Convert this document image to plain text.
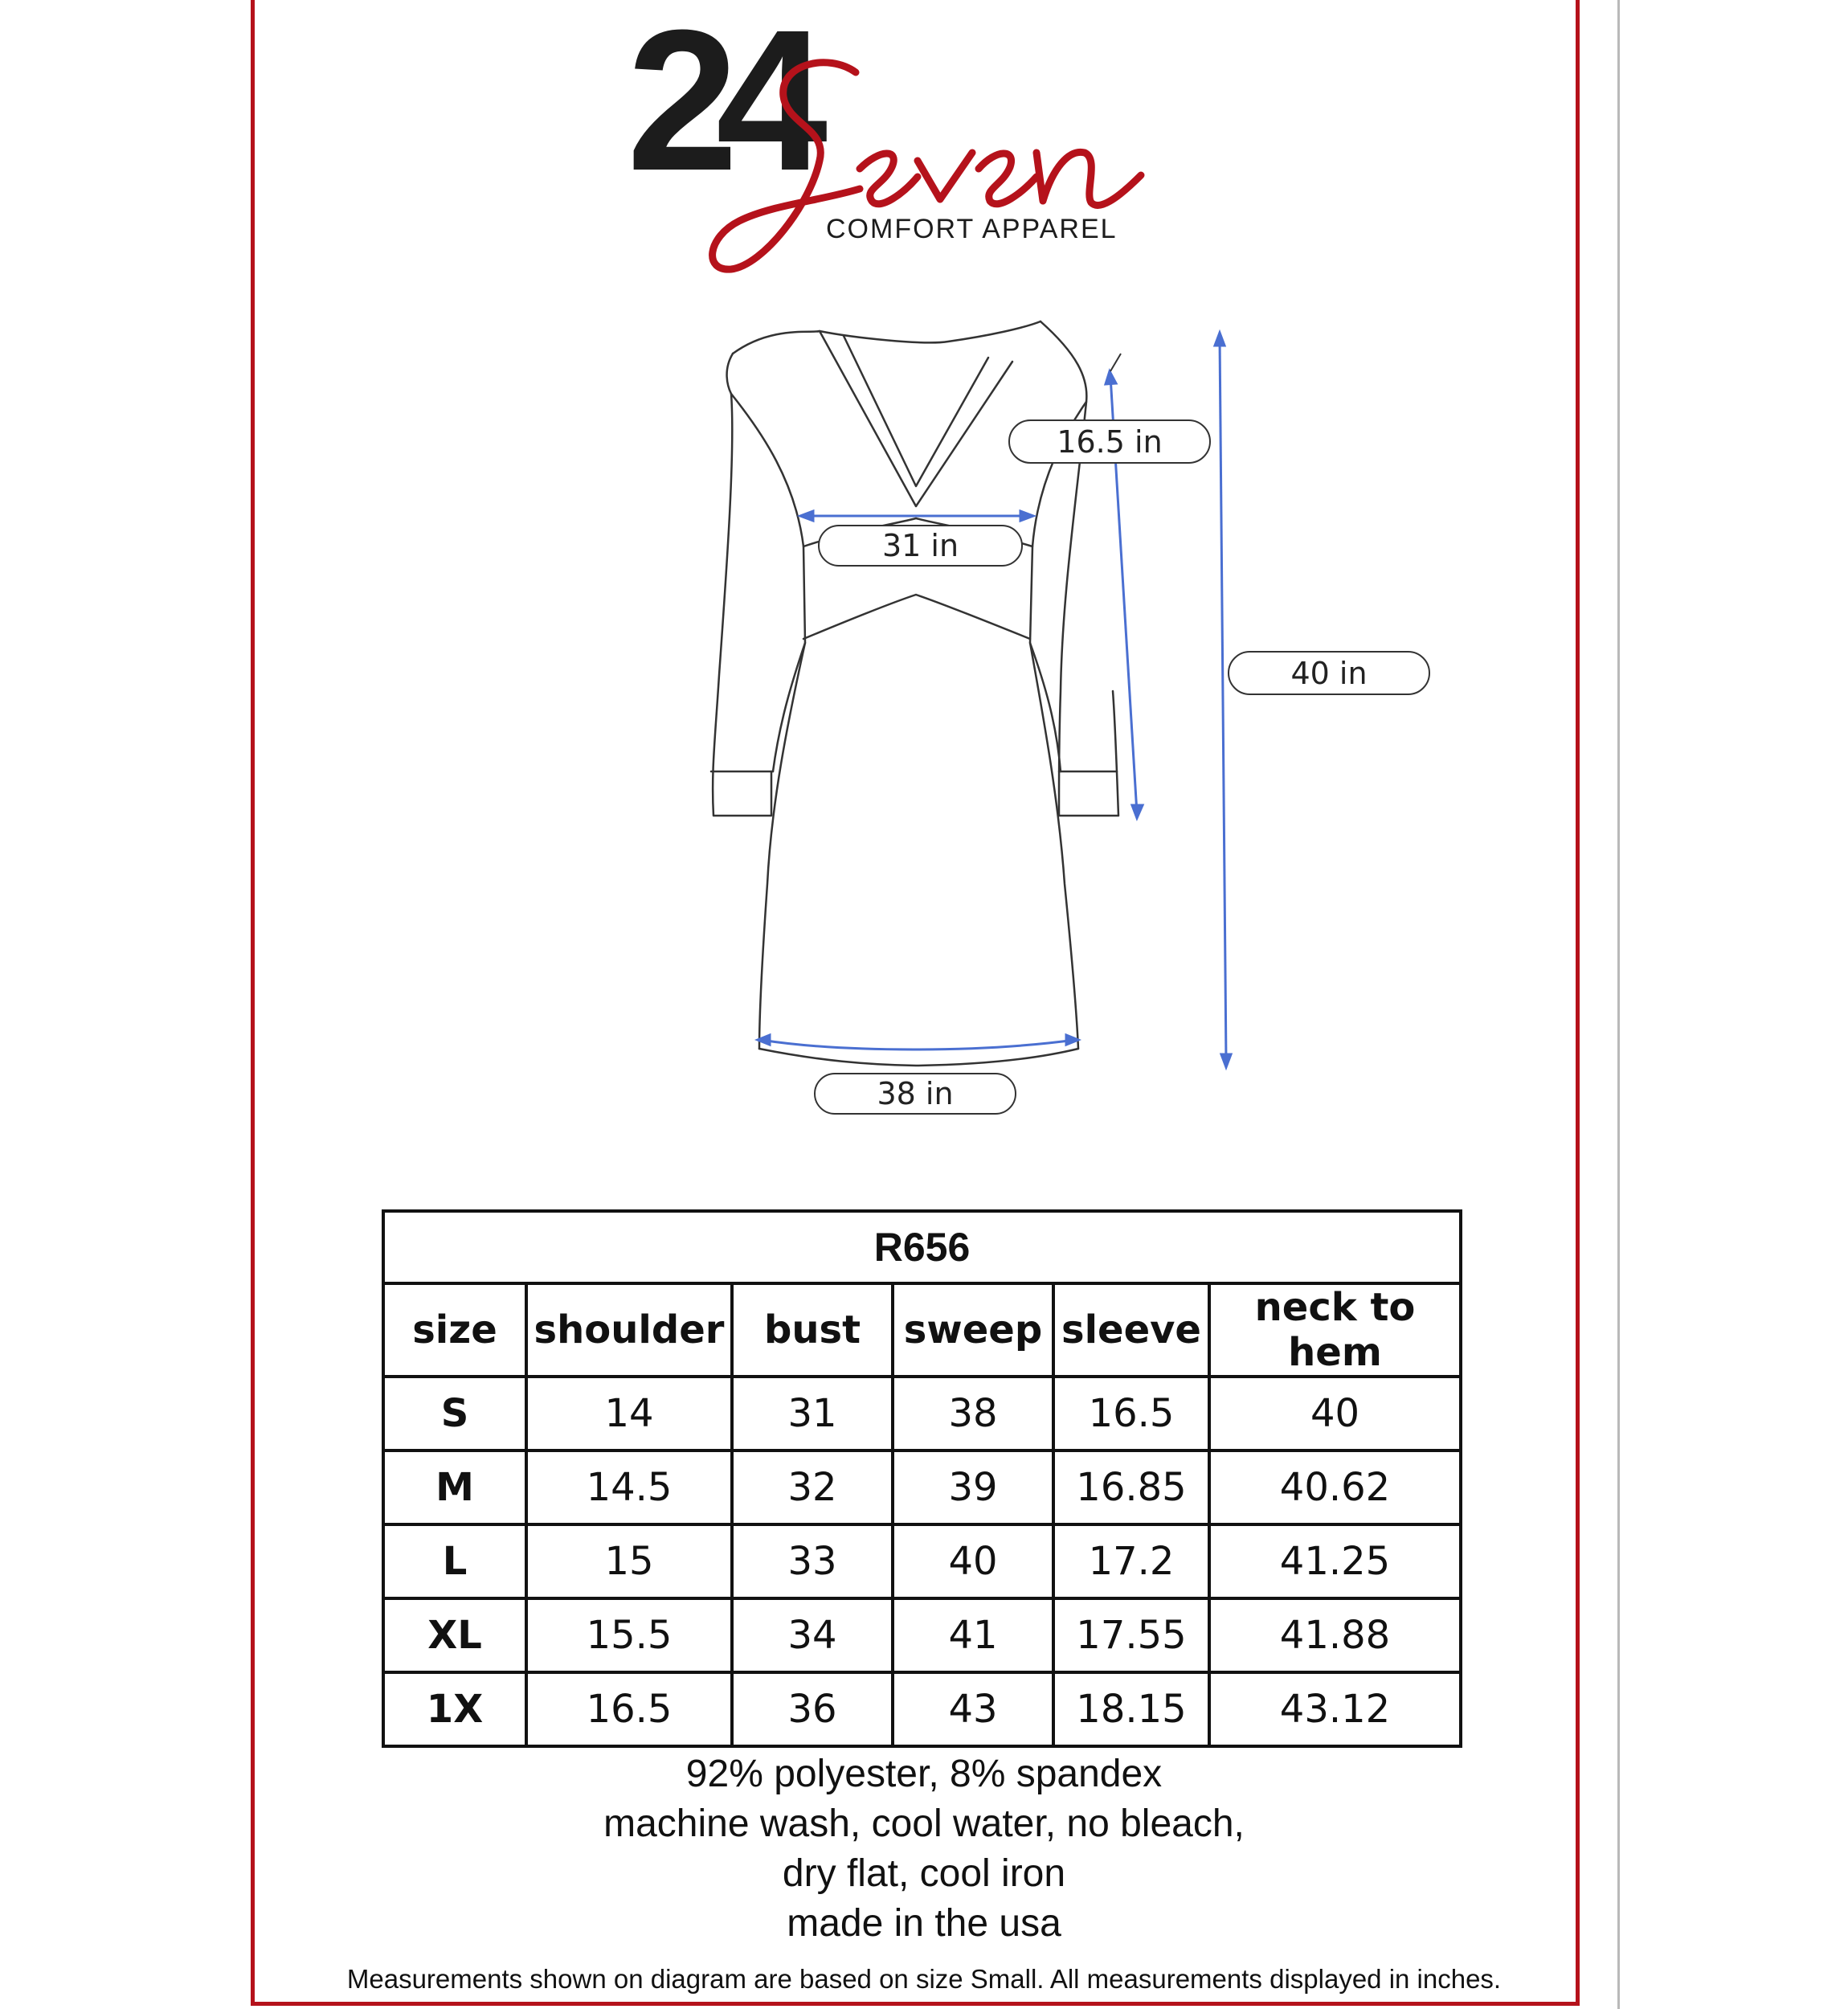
24
COMFORT APPAREL
16.5 in
31 in
40 in
38 in
R656					
size	shoulder	bust	sweep	sleeve	neck to hem
S	14	31	38	16.5	40
M	14.5	32	39	16.85	40.62
L	15	33	40	17.2	41.25
XL	15.5	34	41	17.55	41.88
1X	16.5	36	43	18.15	43.12
92% polyester, 8% spandex
machine wash, cool water, no bleach,
dry flat, cool iron
made in the usa
Measurements shown on diagram are based on size Small. All measurements displayed in inches.
